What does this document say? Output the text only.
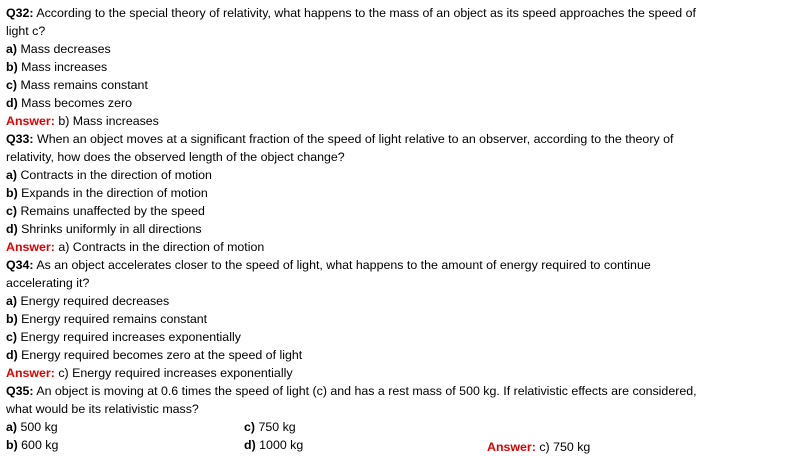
Q32: According to the special theory of relativity, what happens to the mass of an object as its speed approaches the speed of
light c?
a) Mass decreases
b) Mass increases
c) Mass remains constant
d) Mass becomes zero
Answer: b) Mass increases
Q33: When an object moves at a significant fraction of the speed of light relative to an observer, according to the theory of
relativity, how does the observed length of the object change?
a) Contracts in the direction of motion
b) Expands in the direction of motion
c) Remains unaffected by the speed
d) Shrinks uniformly in all directions
Answer: a) Contracts in the direction of motion
Q34: As an object accelerates closer to the speed of light, what happens to the amount of energy required to continue
accelerating it?
a) Energy required decreases
b) Energy required remains constant
c) Energy required increases exponentially
d) Energy required becomes zero at the speed of light
Answer: c) Energy required increases exponentially
Q35: An object is moving at 0.6 times the speed of light (c) and has a rest mass of 500 kg. If relativistic effects are considered,
what would be its relativistic mass?
a) 500 kg
b) 600 kg
c) 750 kg
d) 1000 kg	Answer: c) 750 kg
